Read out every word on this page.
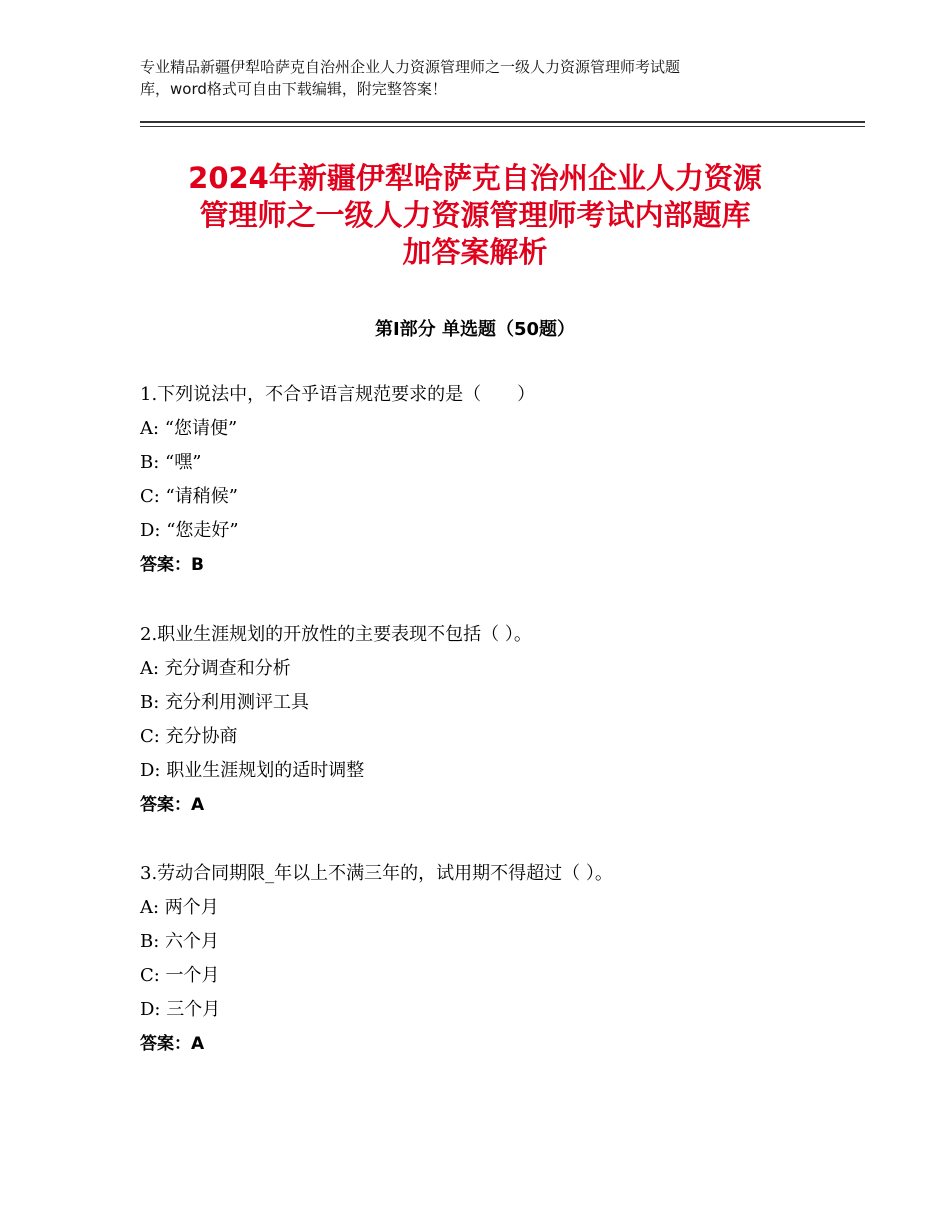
专业精品新疆伊犁哈萨克自治州企业人力资源管理师之一级人力资源管理师考试题
库，word格式可自由下载编辑，附完整答案！
2024年新疆伊犁哈萨克自治州企业人力资源
管理师之一级人力资源管理师考试内部题库
加答案解析
第Ⅰ部分 单选题（50题）
1.下列说法中，不合乎语言规范要求的是（　　）
A: “您请便”
B: “嘿”
C: “请稍候”
D: “您走好”
答案：B
2.职业生涯规划的开放性的主要表现不包括（ ）。
A: 充分调查和分析
B: 充分利用测评工具
C: 充分协商
D: 职业生涯规划的适时调整
答案：A
3.劳动合同期限_年以上不满三年的，试用期不得超过（ ）。
A: 两个月
B: 六个月
C: 一个月
D: 三个月
答案：A
